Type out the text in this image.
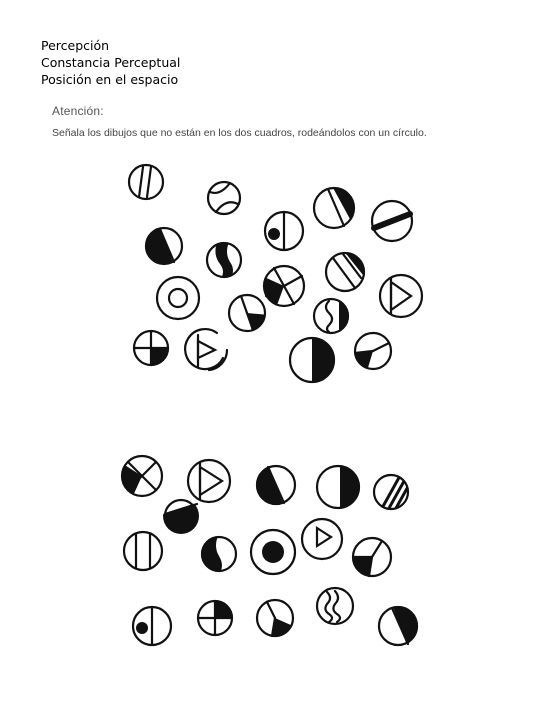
Percepción
Constancia Perceptual
Posición en el espacio
Atención:
Señala los dibujos que no están en los dos cuadros, rodeándolos con un círculo.
